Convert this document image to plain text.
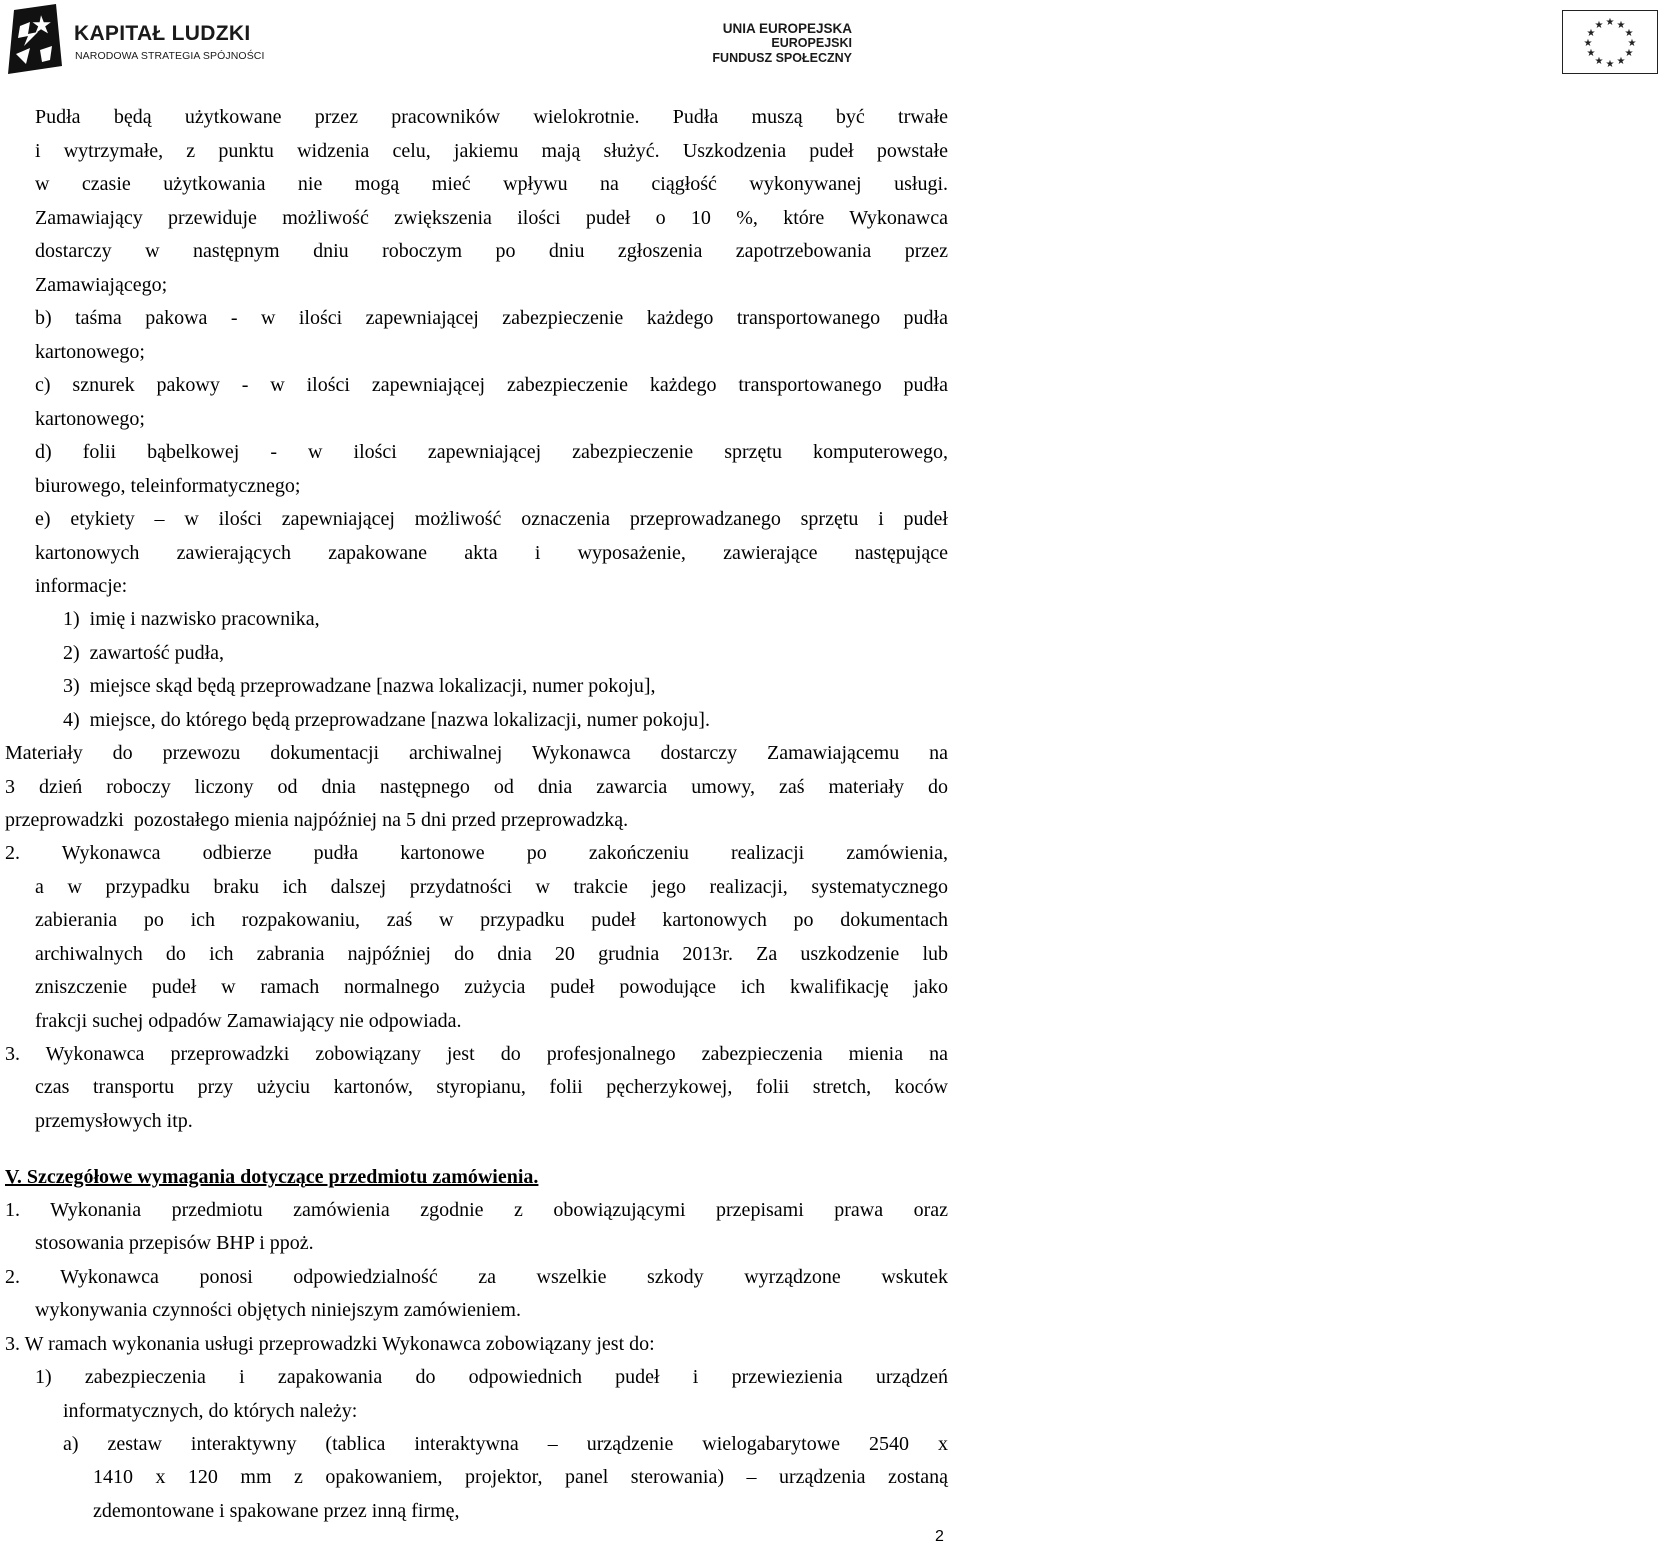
KAPITAŁ LUDZKI
NARODOWA STRATEGIA SPÓJNOŚCI
UNIA EUROPEJSKA
EUROPEJSKI
FUNDUSZ SPOŁECZNY
★ ★
★
★
★
★
★
★
★
★
★
★
Pudła będą użytkowane przez pracowników wielokrotnie. Pudła muszą być trwałe
i wytrzymałe, z punktu widzenia celu, jakiemu mają służyć. Uszkodzenia pudeł powstałe
w czasie użytkowania nie mogą mieć wpływu na ciągłość wykonywanej usługi.
Zamawiający przewiduje możliwość zwiększenia ilości pudeł o 10 %, które Wykonawca
dostarczy w następnym dniu roboczym po dniu zgłoszenia zapotrzebowania przez
Zamawiającego;
b) taśma pakowa - w ilości zapewniającej zabezpieczenie każdego transportowanego pudła
kartonowego;
c) sznurek pakowy - w ilości zapewniającej zabezpieczenie każdego transportowanego pudła
kartonowego;
d) folii bąbelkowej - w ilości zapewniającej zabezpieczenie sprzętu komputerowego,
biurowego, teleinformatycznego;
e) etykiety – w ilości zapewniającej możliwość oznaczenia przeprowadzanego sprzętu i pudeł
kartonowych zawierających zapakowane akta i wyposażenie, zawierające następujące
informacje:
1)  imię i nazwisko pracownika,
2)  zawartość pudła,
3)  miejsce skąd będą przeprowadzane [nazwa lokalizacji, numer pokoju],
4)  miejsce, do którego będą przeprowadzane [nazwa lokalizacji, numer pokoju].
Materiały do przewozu dokumentacji archiwalnej Wykonawca dostarczy Zamawiającemu na
3 dzień roboczy liczony od dnia następnego od dnia zawarcia umowy, zaś materiały do
przeprowadzki  pozostałego mienia najpóźniej na 5 dni przed przeprowadzką.
2. Wykonawca odbierze pudła kartonowe po zakończeniu realizacji zamówienia,
a w przypadku braku ich dalszej przydatności w trakcie jego realizacji, systematycznego
zabierania po ich rozpakowaniu, zaś w przypadku pudeł kartonowych po dokumentach
archiwalnych do ich zabrania najpóźniej do dnia 20 grudnia 2013r. Za uszkodzenie lub
zniszczenie pudeł w ramach normalnego zużycia pudeł powodujące ich kwalifikację jako
frakcji suchej odpadów Zamawiający nie odpowiada.
3. Wykonawca przeprowadzki zobowiązany jest do profesjonalnego zabezpieczenia mienia na
czas transportu przy użyciu kartonów, styropianu, folii pęcherzykowej, folii stretch, koców
przemysłowych itp.
V. Szczegółowe wymagania dotyczące przedmiotu zamówienia.
1. Wykonania przedmiotu zamówienia zgodnie z obowiązującymi przepisami prawa oraz
stosowania przepisów BHP i ppoż.
2. Wykonawca ponosi odpowiedzialność za wszelkie szkody wyrządzone wskutek
wykonywania czynności objętych niniejszym zamówieniem.
3. W ramach wykonania usługi przeprowadzki Wykonawca zobowiązany jest do:
1) zabezpieczenia i zapakowania do odpowiednich pudeł i przewiezienia urządzeń
informatycznych, do których należy:
a) zestaw interaktywny (tablica interaktywna – urządzenie wielogabarytowe 2540 x
1410 x 120 mm z opakowaniem, projektor, panel sterowania) – urządzenia zostaną
zdemontowane i spakowane przez inną firmę,
2
